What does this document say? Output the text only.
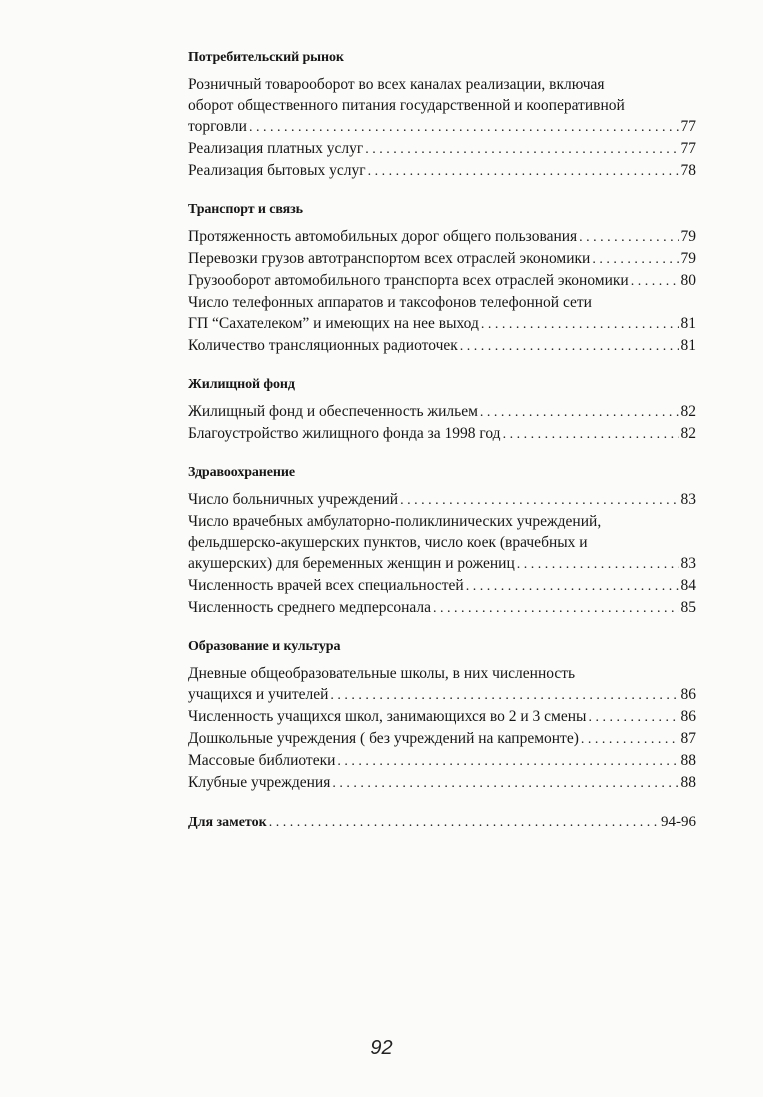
Потребительский рынок
Розничный товарооборот во всех каналах реализации, включая
оборот общественного питания государственной и кооперативной
торговли . . .	77
Реализация платных услуг . . .	77
Реализация бытовых услуг . . .	78
Транспорт и связь
Протяженность автомобильных дорог общего пользования . . .	79
Перевозки грузов автотранспортом всех отраслей экономики . . .	79
Грузооборот автомобильного транспорта всех отраслей экономики . . .	80
Число телефонных аппаратов и таксофонов телефонной сети
ГП “Сахателеком” и имеющих на нее выход . . .	81
Количество трансляционных радиоточек . . .	81
Жилищной фонд
Жилищный фонд и обеспеченность жильем . . .	82
Благоустройство жилищного фонда за 1998 год . . .	82
Здравоохранение
Число больничных учреждений . . .	83
Число врачебных амбулаторно-поликлинических учреждений,
фельдшерско-акушерских пунктов, число коек (врачебных и
акушерских) для беременных женщин и рожениц . . .	83
Численность врачей всех специальностей . . .	84
Численность среднего медперсонала . . .	85
Образование и культура
Дневные общеобразовательные школы, в них численность
учащихся и учителей . . .	86
Численность учащихся школ, занимающихся во 2 и 3 смены . . .	86
Дошкольные учреждения ( без учреждений на капремонте) . . .	87
Массовые библиотеки . . .	88
Клубные учреждения . . .	88
Для заметок . . .	94-96
92
